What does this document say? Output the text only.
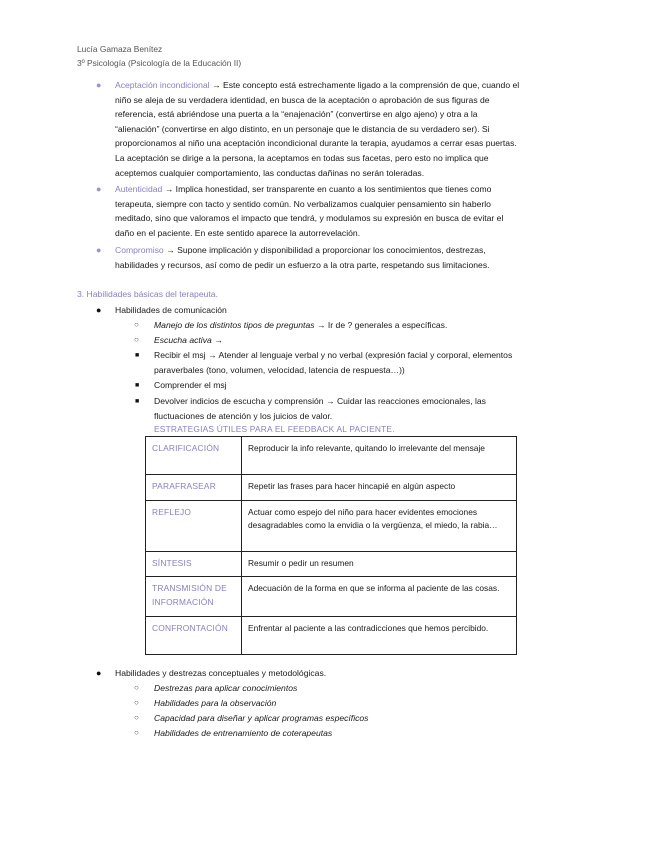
Lucía Gamaza Benítez
3º Psicología (Psicología de la Educación II)
● Aceptación incondicional → Este concepto está estrechamente ligado a la comprensión de que, cuando el
niño se aleja de su verdadera identidad, en busca de la aceptación o aprobación de sus figuras de
referencia, está abriéndose una puerta a la “enajenación” (convertirse en algo ajeno) y otra a la
“alienación” (convertirse en algo distinto, en un personaje que le distancia de su verdadero ser). Si
proporcionamos al niño una aceptación incondicional durante la terapia, ayudamos a cerrar esas puertas.
La aceptación se dirige a la persona, la aceptamos en todas sus facetas, pero esto no implica que
aceptemos cualquier comportamiento, las conductas dañinas no serán toleradas.
● Autenticidad → Implica honestidad, ser transparente en cuanto a los sentimientos que tienes como
terapeuta, siempre con tacto y sentido común. No verbalizamos cualquier pensamiento sin haberlo
meditado, sino que valoramos el impacto que tendrá, y modulamos su expresión en busca de evitar el
daño en el paciente. En este sentido aparece la autorrevelación.
● Compromiso → Supone implicación y disponibilidad a proporcionar los conocimientos, destrezas,
habilidades y recursos, así como de pedir un esfuerzo a la otra parte, respetando sus limitaciones.
3. Habilidades básicas del terapeuta.
● Habilidades de comunicación
○ Manejo de los distintos tipos de preguntas → Ir de ? generales a específicas.
○ Escucha activa →
■ Recibir el msj → Atender al lenguaje verbal y no verbal (expresión facial y corporal, elementos
paraverbales (tono, volumen, velocidad, latencia de respuesta…))
■ Comprender el msj
■ Devolver indicios de escucha y comprensión → Cuidar las reacciones emocionales, las
fluctuaciones de atención y los juicios de valor.
ESTRATEGIAS ÚTILES PARA EL FEEDBACK AL PACIENTE.
CLARIFICACIÓN	Reproducir la info relevante, quitando lo irrelevante del mensaje
PARAFRASEAR	Repetir las frases para hacer hincapié en algún aspecto
REFLEJO	Actuar como espejo del niño para hacer evidentes emociones desagradables como la envidia o la vergüenza, el miedo, la rabia…
SÍNTESIS	Resumir o pedir un resumen
TRANSMISIÓN DE INFORMACIÓN	Adecuación de la forma en que se informa al paciente de las cosas.
CONFRONTACIÓN	Enfrentar al paciente a las contradicciones que hemos percibido.
● Habilidades y destrezas conceptuales y metodológicas.
○ Destrezas para aplicar conocimientos
○ Habilidades para la observación
○ Capacidad para diseñar y aplicar programas específicos
○ Habilidades de entrenamiento de coterapeutas
